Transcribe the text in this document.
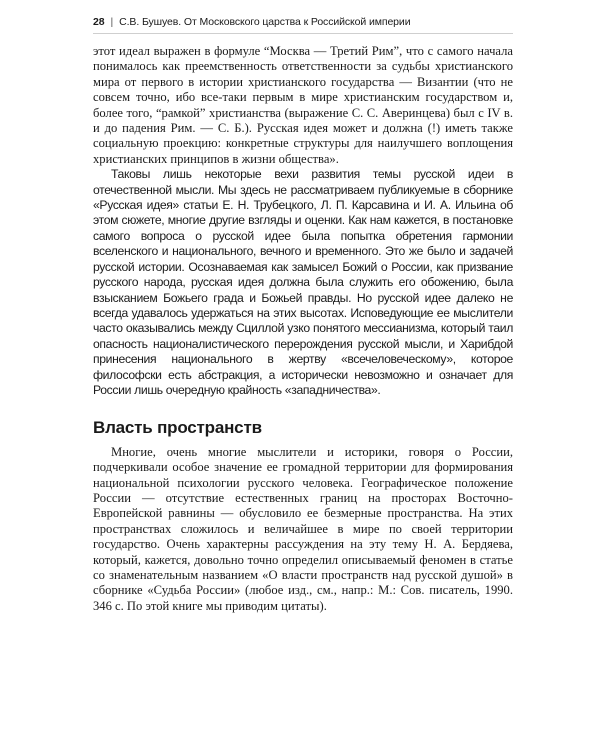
28 | С.В. Бушуев. От Московского царства к Российской империи

этот идеал выражен в формуле “Москва — Третий Рим”, что с самого начала понималось как преемственность ответственности за судьбы христианского мира от первого в истории христианского государства — Византии (что не совсем точно, ибо все-таки первым в мире христианским государством и, более того, “рамкой” христианства (выражение С. С. Аверинцева) был с IV в. и до падения Рим. — С. Б.). Русская идея может и должна (!) иметь также социальную проекцию: конкретные структуры для наилучшего воплощения христианских принципов в жизни общества».

Таковы лишь некоторые вехи развития темы русской идеи в отечественной мысли. Мы здесь не рассматриваем публикуемые в сборнике «Русская идея» статьи Е. Н. Трубецкого, Л. П. Карсавина и И. А. Ильина об этом сюжете, многие другие взгляды и оценки. Как нам кажется, в постановке самого вопроса о русской идее была попытка обретения гармонии вселенского и национального, вечного и временного. Это же было и задачей русской истории. Осознаваемая как замысел Божий о России, как призвание русского народа, русская идея должна была служить его обожению, была взысканием Божьего града и Божьей правды. Но русской идее далеко не всегда удавалось удержаться на этих высотах. Исповедующие ее мыслители часто оказывались между Сциллой узко понятого мессианизма, который таил опасность националистического перерождения русской мысли, и Харибдой принесения национального в жертву «всечеловеческому», которое философски есть абстракция, а исторически невозможно и означает для России лишь очередную крайность «западничества».

Власть пространств

Многие, очень многие мыслители и историки, говоря о России, подчеркивали особое значение ее громадной территории для формирования национальной психологии русского человека. Географическое положение России — отсутствие естественных границ на просторах Восточно-Европейской равнины — обусловило ее безмерные пространства. На этих пространствах сложилось и величайшее в мире по своей территории государство. Очень характерны рассуждения на эту тему Н. А. Бердяева, который, кажется, довольно точно определил описываемый феномен в статье со знаменательным названием «О власти пространств над русской душой» в сборнике «Судьба России» (любое изд., см., напр.: М.: Сов. писатель, 1990. 346 с. По этой книге мы приводим цитаты).
